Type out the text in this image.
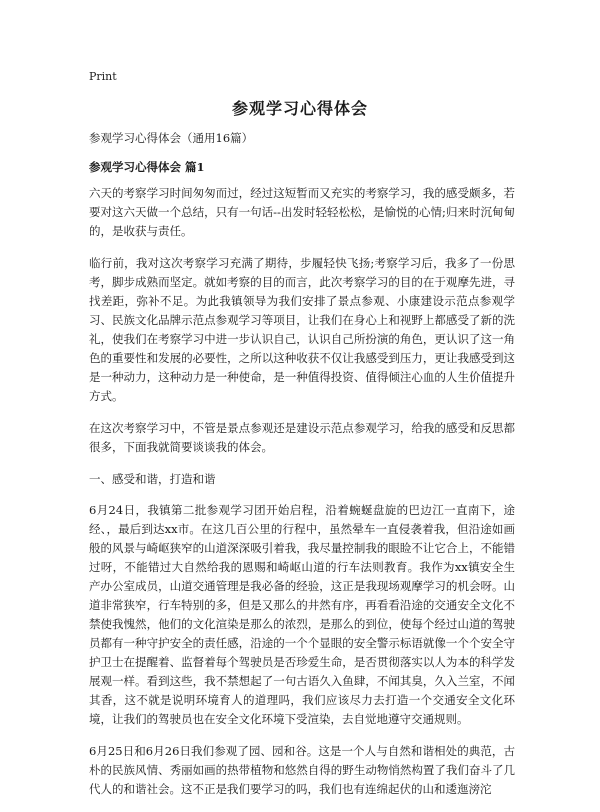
Print
参观学习心得体会
参观学习心得体会（通用16篇）
参观学习心得体会 篇1

六天的考察学习时间匆匆而过，经过这短暂而又充实的考察学习，我的感受颇多，若要对这六天做一个总结，只有一句话--出发时轻轻松松，是愉悦的心情;归来时沉甸甸的，是收获与责任。

临行前，我对这次考察学习充满了期待，步履轻快飞扬;考察学习后，我多了一份思考，脚步成熟而坚定。就如考察的目的而言，此次考察学习的目的在于观摩先进，寻找差距，弥补不足。为此我镇领导为我们安排了景点参观、小康建设示范点参观学习、民族文化品牌示范点参观学习等项目，让我们在身心上和视野上都感受了新的洗礼，使我们在考察学习中进一步认识自己，认识自己所扮演的角色，更认识了这一角色的重要性和发展的必要性，之所以这种收获不仅让我感受到压力，更让我感受到这是一种动力，这种动力是一种使命，是一种值得投资、值得倾注心血的人生价值提升方式。

在这次考察学习中，不管是景点参观还是建设示范点参观学习，给我的感受和反思都很多，下面我就简要谈谈我的体会。

一、感受和谐，打造和谐

6月24日，我镇第二批参观学习团开始启程，沿着蜿蜒盘旋的巴边江一直南下，途经、，最后到达xx市。在这几百公里的行程中，虽然晕车一直侵袭着我，但沿途如画般的风景与崎岖狭窄的山道深深吸引着我，我尽量控制我的眼睑不让它合上，不能错过呀，不能错过大自然给我的恩赐和崎岖山道的行车法则教育。我作为xx镇安全生产办公室成员，山道交通管理是我必备的经验，这正是我现场观摩学习的机会呀。山道非常狭窄，行车特别的多，但是又那么的井然有序，再看看沿途的交通安全文化不禁使我愧然，他们的文化渲染是那么的浓烈，是那么的到位，使每个经过山道的驾驶员都有一种守护安全的责任感，沿途的一个个显眼的安全警示标语就像一个个安全守护卫士在提醒着、监督着每个驾驶员是否珍爱生命，是否贯彻落实以人为本的科学发展观一样。看到这些，我不禁想起了一句古语久入鱼肆，不闻其臭，久入兰室，不闻其香，这不就是说明环境育人的道理吗，我们应该尽力去打造一个交通安全文化环境，让我们的驾驶员也在安全文化环境下受渲染，去自觉地遵守交通规则。

6月25日和6月26日我们参观了园、园和谷。这是一个人与自然和谐相处的典范，古朴的民族风情、秀丽如画的热带植物和悠然自得的野生动物悄然构置了我们奋斗了几代人的和谐社会。这不正是我们要学习的吗，我们也有连绵起伏的山和逶迤滂沱
